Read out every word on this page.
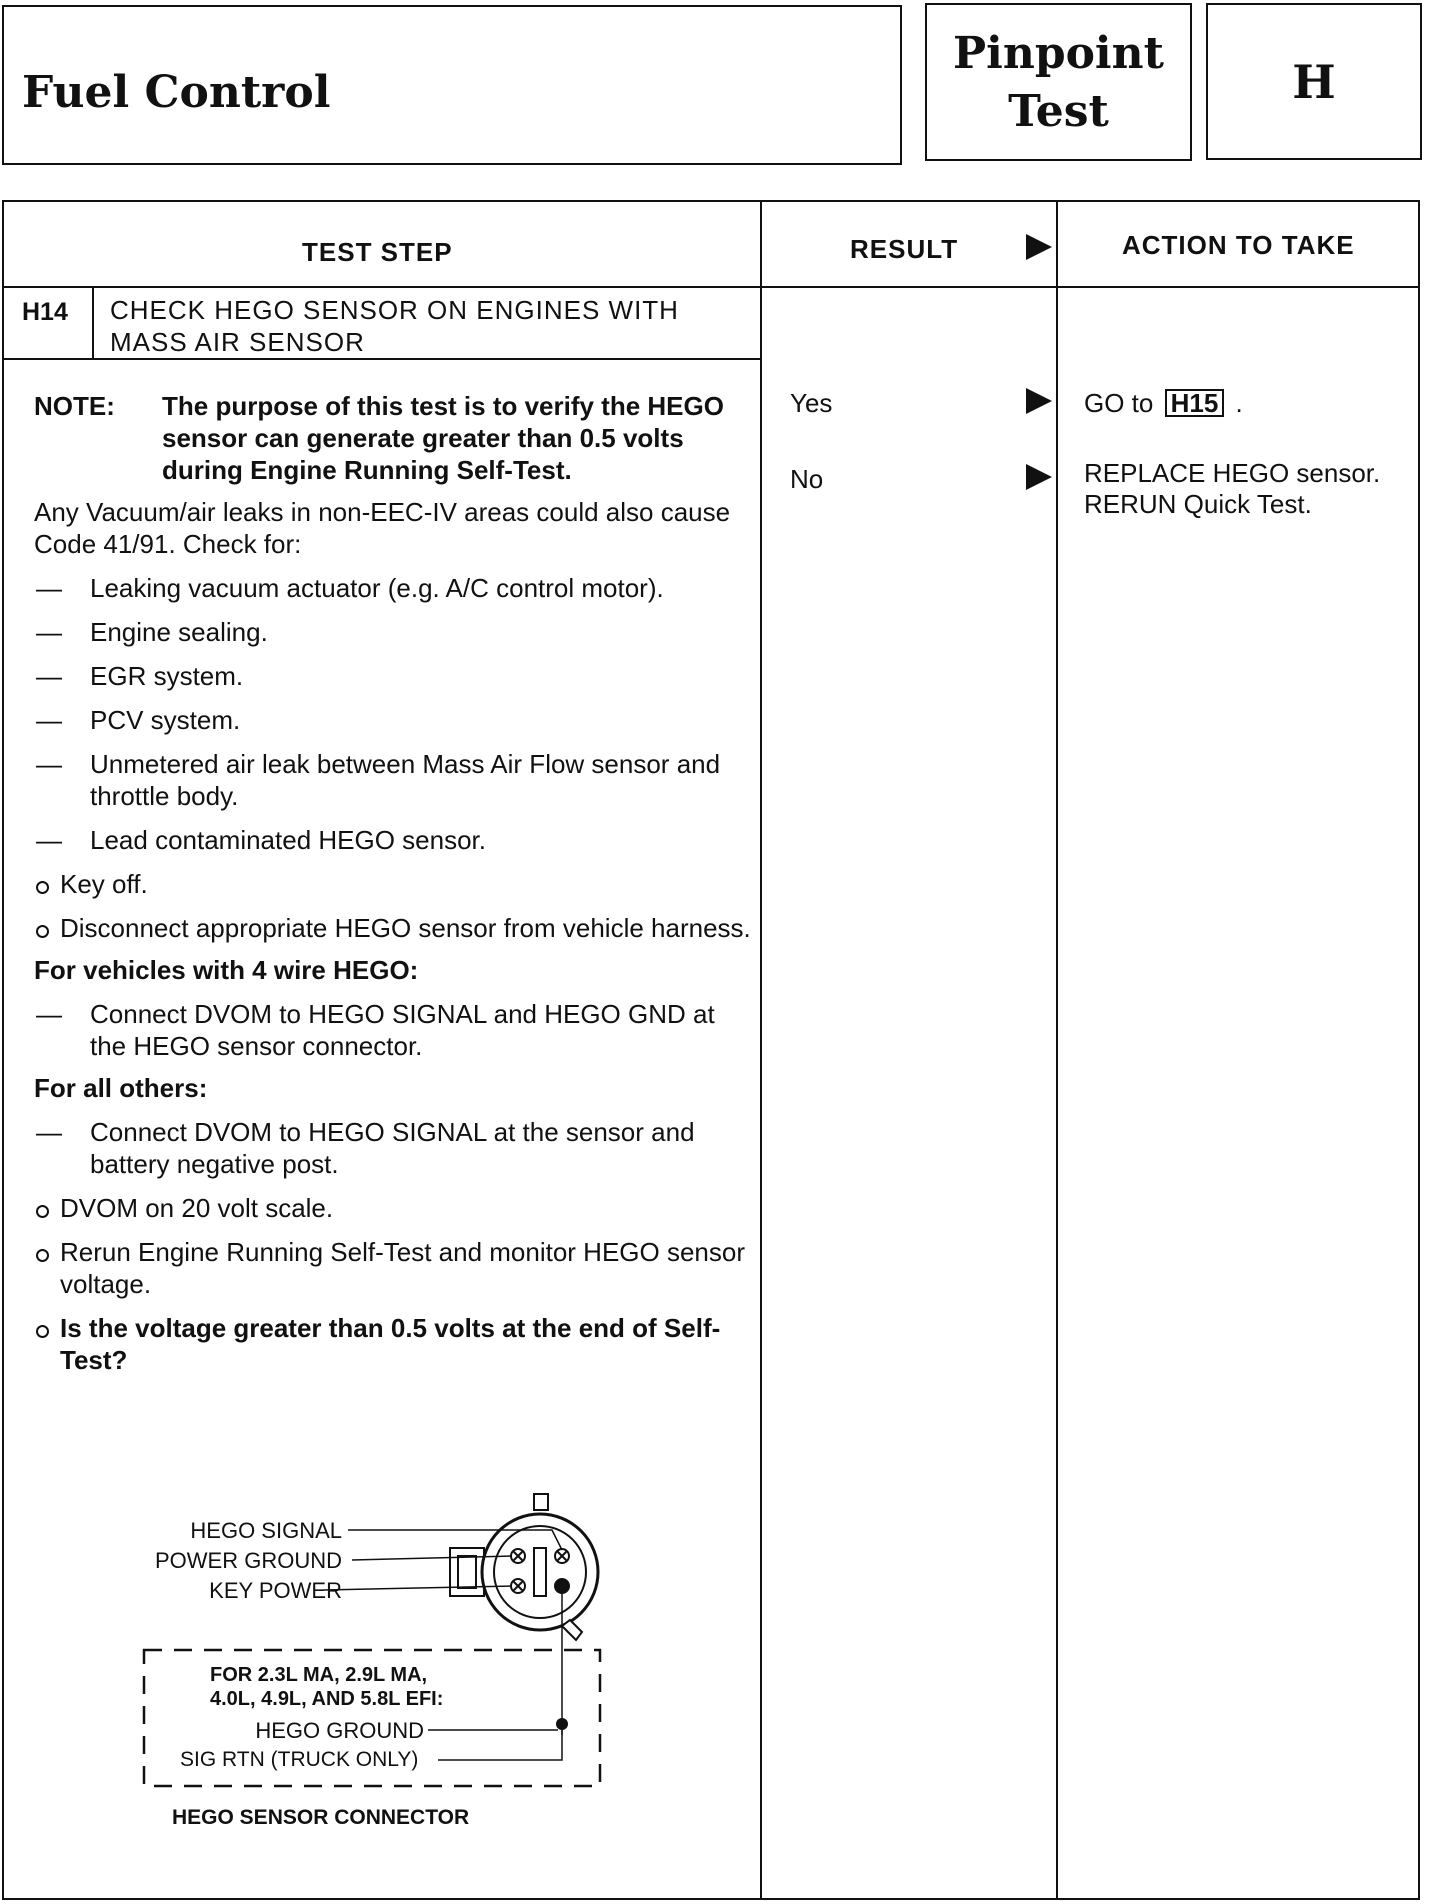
Fuel Control
Pinpoint
Test
H
TEST STEP	RESULT	ACTION TO TAKE
H14 CHECK HEGO SENSOR ON ENGINES WITH MASS AIR SENSOR
NOTE: The purpose of this test is to verify the HEGO sensor can generate greater than 0.5 volts during Engine Running Self-Test.
Any Vacuum/air leaks in non-EEC-IV areas could also cause Code 41/91. Check for:
— Leaking vacuum actuator (e.g. A/C control motor).
— Engine sealing.
— EGR system.
— PCV system.
— Unmetered air leak between Mass Air Flow sensor and throttle body.
— Lead contaminated HEGO sensor.
Key off.
Disconnect appropriate HEGO sensor from vehicle harness.
For vehicles with 4 wire HEGO:
— Connect DVOM to HEGO SIGNAL and HEGO GND at the HEGO sensor connector.
For all others:
— Connect DVOM to HEGO SIGNAL at the sensor and battery negative post.
DVOM on 20 volt scale.
Rerun Engine Running Self-Test and monitor HEGO sensor voltage.
Is the voltage greater than 0.5 volts at the end of Self-Test?
Yes
No
GO to H15 .
REPLACE HEGO sensor. RERUN Quick Test.
HEGO SIGNAL
POWER GROUND
KEY POWER
FOR 2.3L MA, 2.9L MA,
4.0L, 4.9L, AND 5.8L EFI:
HEGO GROUND
SIG RTN (TRUCK ONLY)
HEGO SENSOR CONNECTOR
